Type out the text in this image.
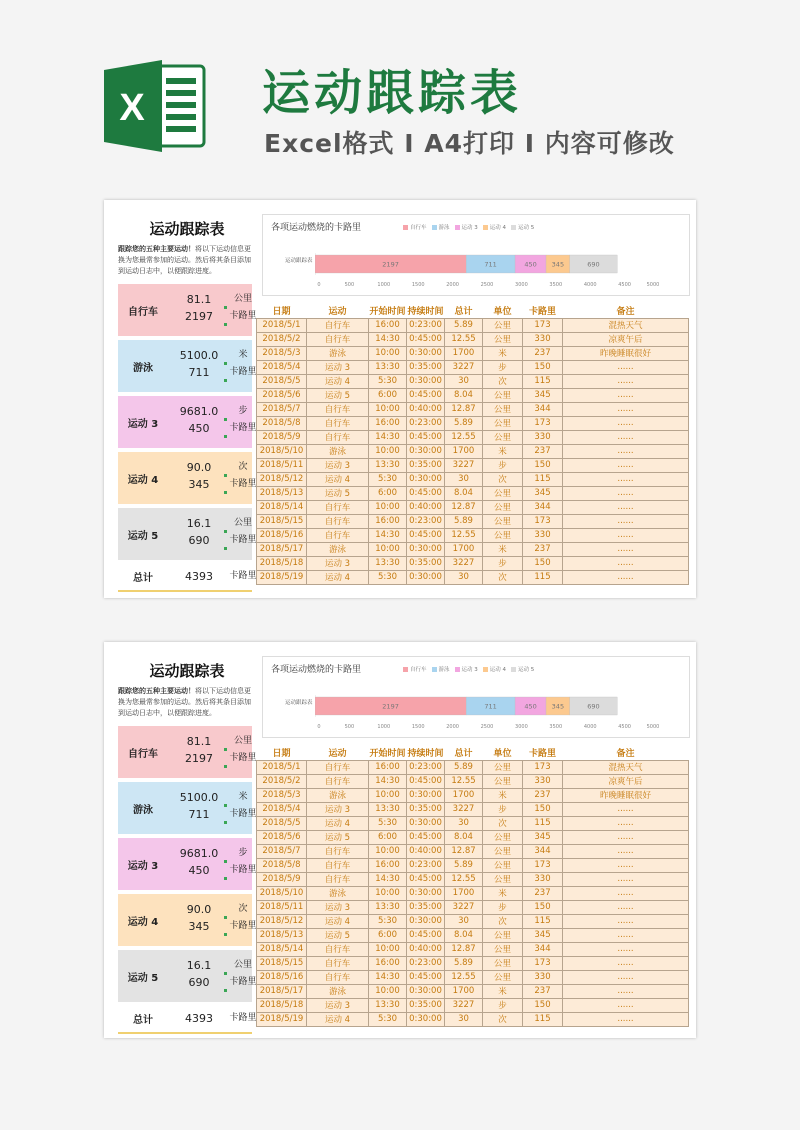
X 运动跟踪表
Excel格式 I A4打印 I 内容可修改
运动跟踪表
跟踪您的五种主要运动！将以下运动信息更换为您最常参加的运动。然后将其条目添加到运动日志中，以便跟踪进度。
自行车
81.1
2197
公里
卡路里
游泳
5100.0
711
米
卡路里
运动 3
9681.0
450
步
卡路里
运动 4
90.0
345
次
卡路里
运动 5
16.1
690
公里
卡路里
总计	4393	卡路里
各项运动燃烧的卡路里	自行车 游泳 运动 3 运动 4 运动 5
运动跟踪表
0	500	1000	1500	2000	2500	3000	3500	4000	4500	5000
2197	711	450 345	690
日期	运动	开始时间	持续时间	总计	单位	卡路里	备注
2018/5/1	自行车	16:00	0:23:00	5.89	公里	173	混热天气
2018/5/2	自行车	14:30	0:45:00	12.55	公里	330	凉爽午后
2018/5/3	游泳	10:00	0:30:00	1700	米	237	昨晚睡眠很好
2018/5/4	运动 3	13:30	0:35:00	3227	步	150	......
2018/5/5	运动 4	5:30	0:30:00	30	次	115	......
2018/5/6	运动 5	6:00	0:45:00	8.04	公里	345	......
2018/5/7	自行车	10:00	0:40:00	12.87	公里	344	......
2018/5/8	自行车	16:00	0:23:00	5.89	公里	173	......
2018/5/9	自行车	14:30	0:45:00	12.55	公里	330	......
2018/5/10	游泳	10:00	0:30:00	1700	米	237	......
2018/5/11	运动 3	13:30	0:35:00	3227	步	150	......
2018/5/12	运动 4	5:30	0:30:00	30	次	115	......
2018/5/13	运动 5	6:00	0:45:00	8.04	公里	345	......
2018/5/14	自行车	10:00	0:40:00	12.87	公里	344	......
2018/5/15	自行车	16:00	0:23:00	5.89	公里	173	......
2018/5/16	自行车	14:30	0:45:00	12.55	公里	330	......
2018/5/17	游泳	10:00	0:30:00	1700	米	237	......
2018/5/18	运动 3	13:30	0:35:00	3227	步	150	......
2018/5/19	运动 4	5:30	0:30:00	30	次	115	......
运动跟踪表
跟踪您的五种主要运动！将以下运动信息更换为您最常参加的运动。然后将其条目添加到运动日志中，以便跟踪进度。
自行车
81.1
2197
公里
卡路里
游泳
5100.0
711
米
卡路里
运动 3
9681.0
450
步
卡路里
运动 4
90.0
345
次
卡路里
运动 5
16.1
690
公里
卡路里
总计	4393	卡路里
各项运动燃烧的卡路里	自行车 游泳 运动 3 运动 4 运动 5
运动跟踪表
0	500	1000	1500	2000	2500	3000	3500	4000	4500	5000
2197	711	450 345	690
日期	运动	开始时间	持续时间	总计	单位	卡路里	备注
2018/5/1	自行车	16:00	0:23:00	5.89	公里	173	混热天气
2018/5/2	自行车	14:30	0:45:00	12.55	公里	330	凉爽午后
2018/5/3	游泳	10:00	0:30:00	1700	米	237	昨晚睡眠很好
2018/5/4	运动 3	13:30	0:35:00	3227	步	150	......
2018/5/5	运动 4	5:30	0:30:00	30	次	115	......
2018/5/6	运动 5	6:00	0:45:00	8.04	公里	345	......
2018/5/7	自行车	10:00	0:40:00	12.87	公里	344	......
2018/5/8	自行车	16:00	0:23:00	5.89	公里	173	......
2018/5/9	自行车	14:30	0:45:00	12.55	公里	330	......
2018/5/10	游泳	10:00	0:30:00	1700	米	237	......
2018/5/11	运动 3	13:30	0:35:00	3227	步	150	......
2018/5/12	运动 4	5:30	0:30:00	30	次	115	......
2018/5/13	运动 5	6:00	0:45:00	8.04	公里	345	......
2018/5/14	自行车	10:00	0:40:00	12.87	公里	344	......
2018/5/15	自行车	16:00	0:23:00	5.89	公里	173	......
2018/5/16	自行车	14:30	0:45:00	12.55	公里	330	......
2018/5/17	游泳	10:00	0:30:00	1700	米	237	......
2018/5/18	运动 3	13:30	0:35:00	3227	步	150	......
2018/5/19	运动 4	5:30	0:30:00	30	次	115	......
